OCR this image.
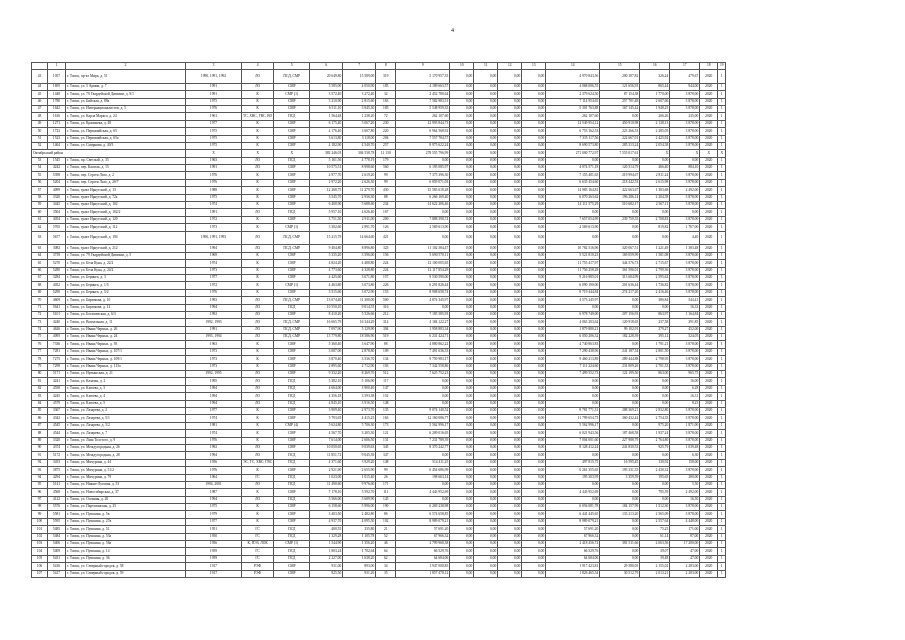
4
	1	2	3	4	5	6	7	8	9	10	11	12	13	14	15	16	17	18	19
43	1057	г. Томск, пр-кт Мира, д. 51	1990, 1991, 1992	ЛО	ПСД, СМР	20 649,80	15 589,00	319	5 170 957,35	0,00	0,00	0,00	0,00	4 970 843,56	200 107,82	326,24	479,67	2020	1
44	1695	г. Томск, ул. 5 Армии, д. 7	1991	ЛО	СМР	5 585,00	4 050,90	185	4 189 663,57	0,00	0,00	0,00	0,00	4 068 006,55	121 656,93	865,44	944,00	2020	1
45	1448	г. Томск, ул. 79 Гвардейской Дивизии, д. 9/1	1991	К	СМР (1)	3 572,40	3 272,40	32	2 452 780,64	0,00	0,00	0,00	0,00	2 379 624,50	87 154,38	1 770,00	3 878,00	2020	1
46	1780	г. Томск, ул. Бийская, д. 89а	1975	К	СМР	3 210,90	2 815,60	163	7 582 983,51	0,00	0,00	0,00	0,00	7 114 954,65	257 701,48	2 607,66	3 878,00	2020	1
47	1642	г. Томск, ул. Интернационалистов, д. 5	1976	К	СМР	6 511,10	3 945,30	185	5 548 959,35	0,00	0,00	0,00	0,00	5 301 763,88	167 145,42	1 948,25	3 878,00	2020	1
48	1616	г. Томск, ул. Карла Маркса, д. 24	1961	ТС, ХВС, ГВС, ВО	ПСД	1 564,48	1 238,20	72	262 107,60	0,00	0,00	0,00	0,00	262 107,60	0,00	206,26	235,00	2020	1
49	1271	г. Томск, ул. Кржижека, д. 48	1977	К	СМР	6 175,40	5 067,20	230	12 993 844,73	0,00	0,00	0,00	0,00	12 549 954,12	450 910,98	2 138,13	3 878,00	2020	1
50	1723	г. Томск, ул. Первомайская, д. 65	1975	К	СМР	4 176,40	3 607,80	220	6 964 568,92	0,00	0,00	0,00	0,00	6 753 162,53	223 266,53	2 285,05	3 878,00	2020	1
51	1523	г. Томск, ул. Первомайская, д. 65а	1975	К	СМР	3 613,80	3 118,00	204	7 557 784,57	0,00	0,00	0,00	0,00	7 335 117,56	222 667,01	2 425,92	3 878,00	2020	1
52	1464	г. Томск, ул. Смирнова, д. 40/3	1975	К	СМР	4 182,90	4 540,70	257	8 975 622,24	0,00	0,00	0,00	0,00	8 690 573,80	285 313,24	2 054,38	3 878,00	2020	1
Октябрьский район			Х	Х	Х	382 246,03	304 538,78	11 130	278 555 796,99	0,00	0,00	0,00	0,00	271 000 772,97	7 555 017,61	Х	Х	Х	Х
53	1545	г. Томск, пр. Светлый, д. 35	1963	ЛО	ПСД	5 161,56	4 778,19	179	0,00	0,00	0,00	0,00	0,00	0,00	0,00	0,00	0,00	2020	1
54	4242	г. Томск, пер. Каштак, д. 15	1991	ЛО	СМР	10 575,51	8 998,60	560	6 195 085,97	0,00	0,00	0,00	0,00	4 074 571,18	120 514,79	466,40	884,10	2020	1
55	5398	г. Томск, пер. Сергея Лазо, д. 2	1976	К	СМР	2 977,70	2 619,20	99	7 375 396,30	0,00	0,00	0,00	0,00	7 155 401,65	219 994,67	2 811,24	3 878,00	2020	1
56	5204	г. Томск, пер. Сергея Лазо, д. 20/7	1976	К	СМР	2 972,20	2 626,30	99	6 859 071,03	0,00	0,00	0,00	0,00	6 635 454,60	218 442,53	2 615,98	3 878,00	2020	1
57	4099	г. Томск, тракт Иркутский, д. 13	1988	К	СМР	12 268,75	11 279,70	430	15 583 618,28	0,00	0,00	0,00	0,00	14 983 164,81	422 663,67	1 383,68	2 492,00	2020	1
58	3320	г. Томск, тракт Иркутский, д. 72а	1975	К	СМР	3 545,70	2 936,30	88	6 266 169,40	0,00	0,00	0,00	0,00	6 070 263,62	196 286,14	2 204,58	3 878,00	2020	1
59	3445	г. Томск, тракт Иркутский, д. 102	1974	К	СМР	6 400,90	5 688,60	234	14 622 206,46	0,00	0,00	0,00	0,00	14 111 575,29	510 682,17	2 567,11	3 878,00	2020	1
60	3504	г. Томск, тракт Иркутский, д. 102/2	1991	ЛО	ПСД	5 957,10	4 626,40	167	0,00	0,00	0,00	0,00	0,00	0,00	0,00	0,00	0,00	2020	1
61	4054	г. Томск, тракт Иркутский, д. 120	1972	К	СМР	3 751,50	2 911,00	200	7 888 398,74	0,00	0,00	0,00	0,00	7 657 054,99	239 750,55	2 708,83	3 878,00	2020	1
62	5765	г. Томск, тракт Иркутский, д. 112	1973	К	СМР (1)	3 302,60	2 891,70	126	2 569 613,90	0,00	0,00	0,00	0,00	2 569 613,90	0,00	819,82	1 767,00	2020	1
63	5677	г. Томск, тракт Иркутский, д. 194	1990, 1991, 1993	ЛО	ПСД, СМР	15 215,79	14 664,60	421	0,00	0,00	0,00	0,00	0,00	0,00	0,00	0,00	4,40	2020	1
63	3082	г. Томск, тракт Иркутский, д. 212	1994	ЛО	ПСД, СМР	9 404,80	8 896,80	325	11 102 584,47	0,00	0,00	0,00	0,00	10 782 516,96	320 067,51	1 221,49	1 383,48	2020	1
64	3739	г. Томск, ул. 79 Гвардейской Дивизии, д. 5	1969	К	СМР	5 335,20	3 596,00	156	5 690 570,11	0,00	0,00	0,00	0,00	5 521 810,23	169 059,99	1 581,08	3 878,00	2020	1
65	5270	г. Томск, ул. Бела Куна, д. 22/2	1974	К	СМР	4 824,20	4 488,80	224	12 100 005,65	0,00	0,00	0,00	0,00	11 755 417,97	344 576,73	2 715,67	3 878,00	2020	1
66	5280	г. Томск, ул. Бела Куна, д. 24/2	1973	К	СМР	4 773,60	4 328,80	224	12 117 854,29	0,00	0,00	0,00	0,00	11 756 258,28	361 596,01	2 799,36	3 878,00	2020	1
67	3284	г. Томск, ул. Беринга, д. 3	1977	К	СМР	4 425,60	3 671,80	157	9 530 590,00	0,00	0,00	0,00	0,00	9 216 985,01	313 604,99	2 595,62	3 878,00	2020	1
68	4052	г. Томск, ул. Беринга, д. 1/5	1972	К	СМР (1)	4 463,80	3 673,80	226	6 291 826,44	0,00	0,00	0,00	0,00	6 090 190,00	201 636,44	1 736,82	3 878,00	2020	1
69	5290	г. Томск, ул. Беринга, д. 5/2	1976	К	СМР	3 515,60	3 072,90	153	8 908 658,74	0,00	0,00	0,00	0,00	8 719 444,84	274 217,20	2 416,46	3 878,00	2020	1
70	4609	г. Томск, ул. Бирюкова, д. 10	1993	ЛО	ПСД, СМР	13 074,40	11 300,00	500	4 874 345,97	0,00	0,00	0,00	0,00	4 573 245,97	0,00	386,84	544,41	2020	1
71	5641	г. Томск, ул. Бирюкова, д. 12	1994	ЛО	ПСД	10 550,10	9 014,55	316	0,00	0,00	0,00	0,00	0,00	0,00	0,00	0,00	16,33	2020	1
72	5101	г. Томск, ул. Богашевская, д. 6/3	1992	ЛО	СМР	8 410,20	5 526,66	212	7 185 585,93	0,00	0,00	0,00	0,00	6 978 749,00	207 156,93	863,97	1 164,84	2020	1
73	4240	г. Томск, ул. Вокзальная, д. 11	1992, 1993	ЛО	ПСД, СМР	16 665,79	16 344,29	314	4 184 122,27	0,00	0,00	0,00	0,00	4 063 203,62	120 918,65	237,58	291,85	2020	1
74	4626	г. Томск, ул. Ивана Черных, д. 26	1991	ЛО	ПСД, СМР	7 097,90	5 129,90	394	1 958 883,34	0,00	0,00	0,00	0,00	1 879 880,21	99 102,91	379,27	452,00	2020	1
75	4095	г. Томск, ул. Ивана Черных, д. 24	1993, 1994	ЛО	ПСД, СМР	15 779,80	18 586,90	519	6 231 424,71	0,00	0,00	0,00	0,00	6 050 206,32	182 228,39	395,12	524,05	2020	1
76	7336	г. Томск, ул. Ивана Черных, д. 93	1963	К	СМР	5 360,40	3 647,90	88	4 880 862,22	0,00	0,00	0,00	0,00	4 740 863,83	0,00	1 791,21	3 878,00	2020	1
77	7281	г. Томск, ул. Ивана Черных, д. 107/1	1973	К	СМР	3 087,00	2 878,80	109	7 491 636,53	0,00	0,00	0,00	0,00	7 290 438,96	241 187,54	2 801,50	3 878,00	2020	1
78	7275	г. Томск, ул. Ивана Черных, д. 109/1	1973	К	СМР	3 870,40	3 536,70	134	9 759 983,17	0,00	0,00	0,00	0,00	9 460 213,89	289 444,88	2 798,95	3 878,00	2020	1
79	7298	г. Томск, ул. Ивана Черных, д. 113а	1973	К	СМР	2 895,60	2 712,90	103	7 342 558,86	0,00	0,00	0,00	0,00	7 111 224,60	231 009,26	2 701,33	3 878,00	2020	1
80	5171	г. Томск, ул. Иртышская, д. 21	1992, 1995	ЛО	СМР	9 332,20	8 269,70	512	7 625 752,23	0,00	0,00	0,00	0,00	7 499 552,73	122 199,50	863,00	965,75	2020	1
81	4241	г. Томск, ул. Казачья, д. 2	1995	ЛО	ПСД	5 382,10	5 106,90	117	0,00	0,00	0,00	0,00	0,00	0,00	0,00	0,00	16,00	2020	1
82	4558	г. Томск, ул. Клюева, д. 3	1994	ЛО	ПСД	4 664,00	3 900,40	147	0,00	0,00	0,00	0,00	0,00	0,00	0,00	0,00	6,28	2020	1
83	4245	г. Томск, ул. Клюева, д. 4	1994	ЛО	ПСД	4 356,18	3 593,38	152	0,00	0,00	0,00	0,00	0,00	0,00	0,00	0,00	16,31	2020	1
84	4579	г. Томск, ул. Клюева, д. 5	1994	ЛО	ПСД	4 845,10	3 916,50	148	0,00	0,00	0,00	0,00	0,00	0,00	0,00	0,00	8,25	2020	1
85	3367	г. Томск, ул. Лазарева, д. 2	1977	К	СМР	3 909,40	2 973,70	135	9 074 140,52	0,00	0,00	0,00	0,00	8 781 771,31	288 369,21	2 832,80	3 878,00	2020	1
86	4342	г. Томск, ул. Лазарева, д. 5/1	1974	К	СМР	5 793,65	4 415,25	163	12 160 086,77	0,00	0,00	0,00	0,00	11 799 654,75	360 432,42	2 754,35	3 878,00	2020	1
87	4545	г. Томск, ул. Лазарева, д. 5/2	1981	К	СМР (4)	5 624,80	5 706,30	173	5 562 996,17	0,00	0,00	0,00	0,00	5 562 996,17	0,00	975,20	1 871,00	2020	1
88	4544	г. Томск, ул. Лазарева, д. 7	1974	К	СМР	4 567,70	3 205,30	121	6 209 016,65	0,00	0,00	0,00	0,00	6 021 943,56	187 468,58	1 937,24	3 878,00	2020	1
89	3320	г. Томск, ул. Льва Толстого, д. 9	1976	К	СМР	7 614,00	2 606,50	131	7 231 789,39	0,00	0,00	0,00	0,00	7 004 001,60	227 988,79	2 764,80	3 878,00	2020	1
90	4374	г. Томск, ул. Междугородная, д. 26	1992	ЛО	СМР	10 050,65	9 039,63	345	8 370 242,77	0,00	0,00	0,00	0,00	8 128 412,24	241 830,53	925,79	1 039,48	2020	1
91	5172	г. Томск, ул. Междугородная, д. 28	1994	ЛО	ПСД	11 851,72	9 045,39	347	0,00	0,00	0,00	0,00	0,00	0,00	0,00	0,00	6,30	2020	1
92	3453	г. Томск, ул. Мичурина, д. 44	1956	ЭС, ТС, ХВС, ГВС	ПСД	4 371,60	3 929,20	148	514 411,25	0,00	0,00	0,00	0,00	497 815,75	16 595,45	130,92	158,00	2020	1
93	3875	г. Томск, ул. Мичурина, д. 51/2	1976	К	СМР	2 921,90	2 655,90	99	6 454 686,99	0,00	0,00	0,00	0,00	6 261 355,65	193 331,35	2 430,32	3 878,00	2020	1
94	4294	г. Томск, ул. Мичурина, д. 79	1964	ГС	ПСД	1 023,00	1 015,40	26	198 663,14	0,00	0,00	0,00	0,00	195 303,95	3 359,59	195,65	280,00	2020	1
95	5141	г. Томск, ул. Нижне-Луговая, д. 53	1994, 2001	ЛО	ПСД	11 490,60	9 976,60	171	0,00	0,00	0,00	0,00	0,00	0,00	0,00	0,00	5,50	2020	1
96	4568	г. Томск, ул. Новосибирская, д. 37	1987	К	СМР	7 178,10	5 592,70	111	4 443 952,69	0,00	0,00	0,00	0,00	4 443 952,69	0,00	795,59	2 492,00	2020	1
97	4122	г. Томск, ул. Осенняя, д. 20	1994	ЛО	ПСД	5 566,00	5 689,90	145	0,00	0,00	0,00	0,00	0,00	0,00	0,00	0,00	16,50	2020	1
98	5576	г. Томск, ул. Партизанская, д. 25	1975	К	СМР	6 158,60	5 996,00	190	6 269 238,98	0,00	0,00	0,00	0,00	6 056 081,78	184 157,99	1 512,30	3 878,00	2020	1
99	5581	г. Томск, ул. Пушкина, д. 5в	1979	К	СМР	3 403,50	2 482,80	86	6 574 658,85	0,00	0,00	0,00	0,00	6 441 445,65	133 213,20	2 565,09	3 878,00	2020	1
100	5595	г. Томск, ул. Пушкина, д. 27в	1977	К	СМР	4 937,70	4 095,50	102	8 989 079,21	0,00	0,00	0,00	0,00	8 989 079,21	0,00	2 557,64	4 448,00	2020	1
101	5485	г. Томск, ул. Пушкина, д. 51	1951	ГС	ПСД	400,55	335,80	21	57 691,20	0,00	0,00	0,00	0,00	57 691,20	0,00	75,25	171,00	2020	1
102	5484	г. Томск, ул. Пушкина, д. 53а	1950	ГС	ПСД	1 329,28	1 105,78	52	67 966,32	0,00	0,00	0,00	0,00	67 966,32	0,00	61,14	87,00	2020	1
103	5406	г. Томск, ул. Пушкина, д. 56а	1956	К, ПЭЗ, ЛОК	СМР (1)	1 544,90	1 356,20	46	2 799 968,38	0,00	0,00	0,00	0,00	2 418 456,72	381 511,66	2 063,56	17 200,00	2020	1
104	5409	г. Томск, ул. Пушкина, д. 14	1959	ГС	ПСД	1 803,24	1 702,64	64	66 529,76	0,00	0,00	0,00	0,00	66 529,76	0,00	39,07	47,00	2020	1
105	5431	г. Томск, ул. Пушкина, д. 36	1959	ГС	ПСД	2 227,00	1 638,20	62	64 684,06	0,00	0,00	0,00	0,00	64 684,06	0,00	39,48	47,00	2020	1
106	5416	г. Томск, ул. Северный городок, д. 58	1917	РЭФ	СМР	931,00	893,00	34	1 947 000,85	0,00	0,00	0,00	0,00	1 917 423,81	29 580,05	2 155,02	2 283,00	2020	1
107	5417	г. Томск, ул. Северный городок, д. 59	1917	РЭФ	СМР	925,50	931,20	35	1 857 478,12	0,00	0,00	0,00	0,00	1 826 465,54	30 512,79	2 013,21	2 283,00	2020	1
